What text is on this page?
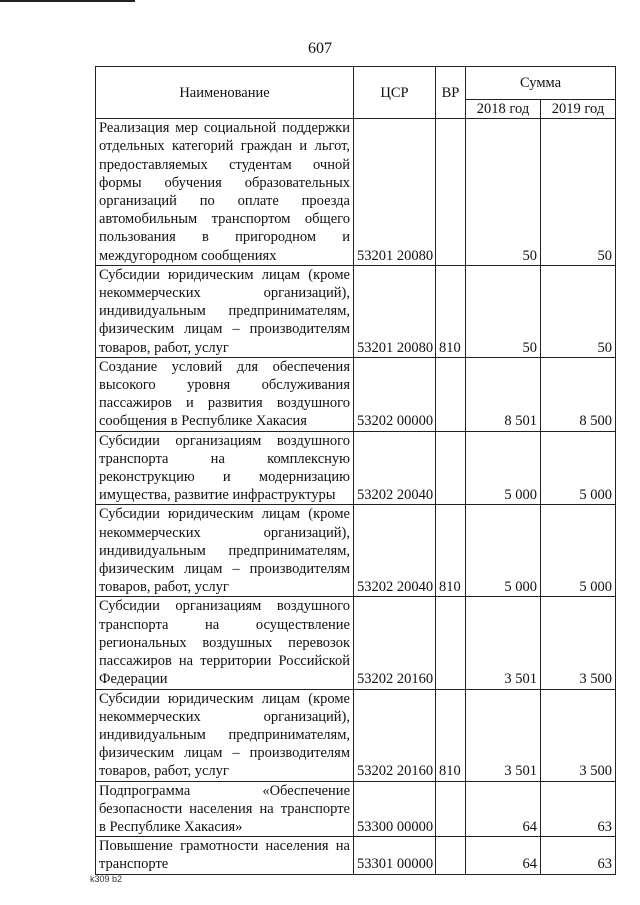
607
Наименование	ЦСР	ВР	Сумма	
			2018 год	2019 год
Реализация мер социальной поддержки отдельных категорий граждан и льгот, предоставляемых студентам очной формы обучения образовательных организаций по оплате проезда автомобильным транспортом общего пользования в пригородном и междугородном сообщениях	53201 20080		50	50
Субсидии юридическим лицам (кроме некоммерческих организаций), индивидуальным предпринимателям, физическим лицам – производителям товаров, работ, услуг	53201 20080	810	50	50
Создание условий для обеспечения высокого уровня обслуживания пассажиров и развития воздушного сообщения в Республике Хакасия	53202 00000		8 501	8 500
Субсидии организациям воздушного транспорта на комплексную реконструкцию и модернизацию имущества, развитие инфраструктуры	53202 20040		5 000	5 000
Субсидии юридическим лицам (кроме некоммерческих организаций), индивидуальным предпринимателям, физическим лицам – производителям товаров, работ, услуг	53202 20040	810	5 000	5 000
Субсидии организациям воздушного транспорта на осуществление региональных воздушных перевозок пассажиров на территории Российской Федерации	53202 20160		3 501	3 500
Субсидии юридическим лицам (кроме некоммерческих организаций), индивидуальным предпринимателям, физическим лицам – производителям товаров, работ, услуг	53202 20160	810	3 501	3 500
Подпрограмма «Обеспечение безопасности населения на транспорте в Республике Хакасия»	53300 00000		64	63
Повышение грамотности населения на транспорте	53301 00000		64	63
k309 b2
